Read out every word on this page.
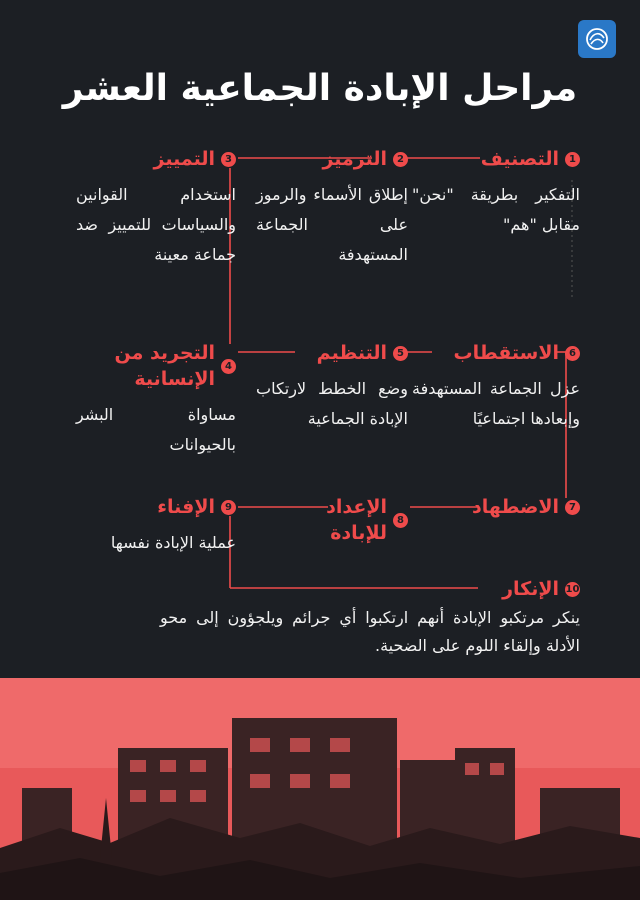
مراحل الإبادة الجماعية العشر
1
التصنيف
التفكير بطريقة "نحن" مقابل "هم"
2
الترميز
إطلاق الأسماء والرموز على الجماعة المستهدفة
3
التمييز
استخدام القوانين والسياسات للتمييز ضد جماعة معينة
4
التجريد من الإنسانية
مساواة البشر بالحيوانات
5
التنظيم
وضع الخطط لارتكاب الإبادة الجماعية
6
الاستقطاب
عزل الجماعة المستهدفة وإبعادها اجتماعيًا
7
الاضطهاد
8
الإعداد للإبادة
9
الإفناء
عملية الإبادة نفسها
10
الإنكار
ينكر مرتكبو الإبادة أنهم ارتكبوا أي جرائم ويلجؤون إلى محو الأدلة وإلقاء اللوم على الضحية.
